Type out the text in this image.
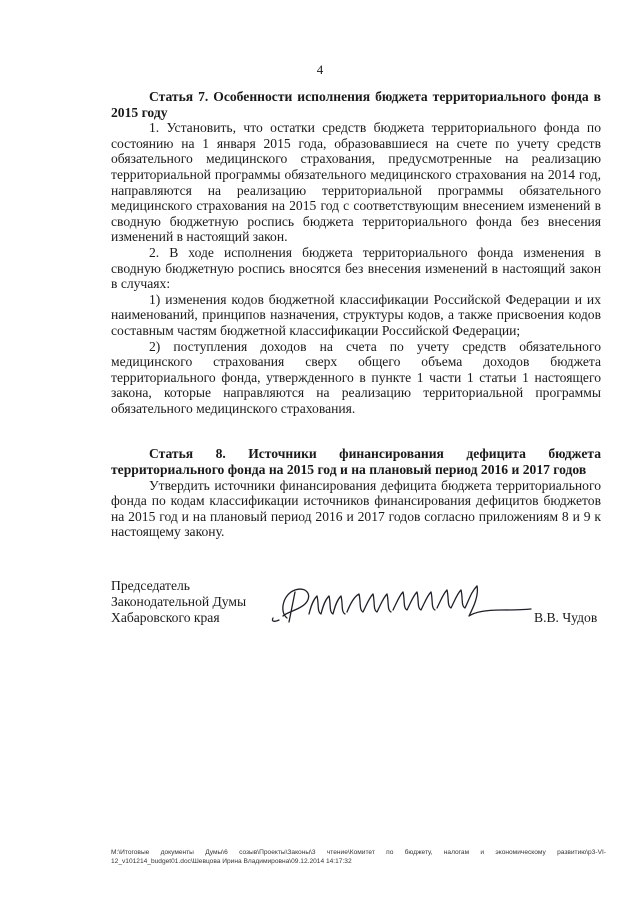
4

Статья 7. Особенности исполнения бюджета территориального фонда в 2015 году

1. Установить, что остатки средств бюджета территориального фонда по состоянию на 1 января 2015 года, образовавшиеся на счете по учету средств обязательного медицинского страхования, предусмотренные на реализацию территориальной программы обязательного медицинского страхования на 2014 год, направляются на реализацию территориальной программы обязательного медицинского страхования на 2015 год с соответствующим внесением изменений в сводную бюджетную роспись бюджета территориального фонда без внесения изменений в настоящий закон.

2. В ходе исполнения бюджета территориального фонда изменения в сводную бюджетную роспись вносятся без внесения изменений в настоящий закон в случаях:

1) изменения кодов бюджетной классификации Российской Федерации и их наименований, принципов назначения, структуры кодов, а также присвоения кодов составным частям бюджетной классификации Российской Федерации;

2) поступления доходов на счета по учету средств обязательного медицинского страхования сверх общего объема доходов бюджета территориального фонда, утвержденного в пункте 1 части 1 статьи 1 настоящего закона, которые направляются на реализацию территориальной программы обязательного медицинского страхования.

Статья 8. Источники финансирования дефицита бюджета территориального фонда на 2015 год и на плановый период 2016 и 2017 годов

Утвердить источники финансирования дефицита бюджета территориального фонда по кодам классификации источников финансирования дефицитов бюджетов на 2015 год и на плановый период 2016 и 2017 годов согласно приложениям 8 и 9 к настоящему закону.

Председатель
Законодательной Думы
Хабаровского края	В.В. Чудов
M:\Итоговые документы Думы\6 созыв\Проекты\Законы\3 чтение\Комитет по бюджету, налогам и экономическому развитию\р3-VI-12_v101214_budget01.doc\Шевцова Ирина Владимировна\09.12.2014 14:17:32
